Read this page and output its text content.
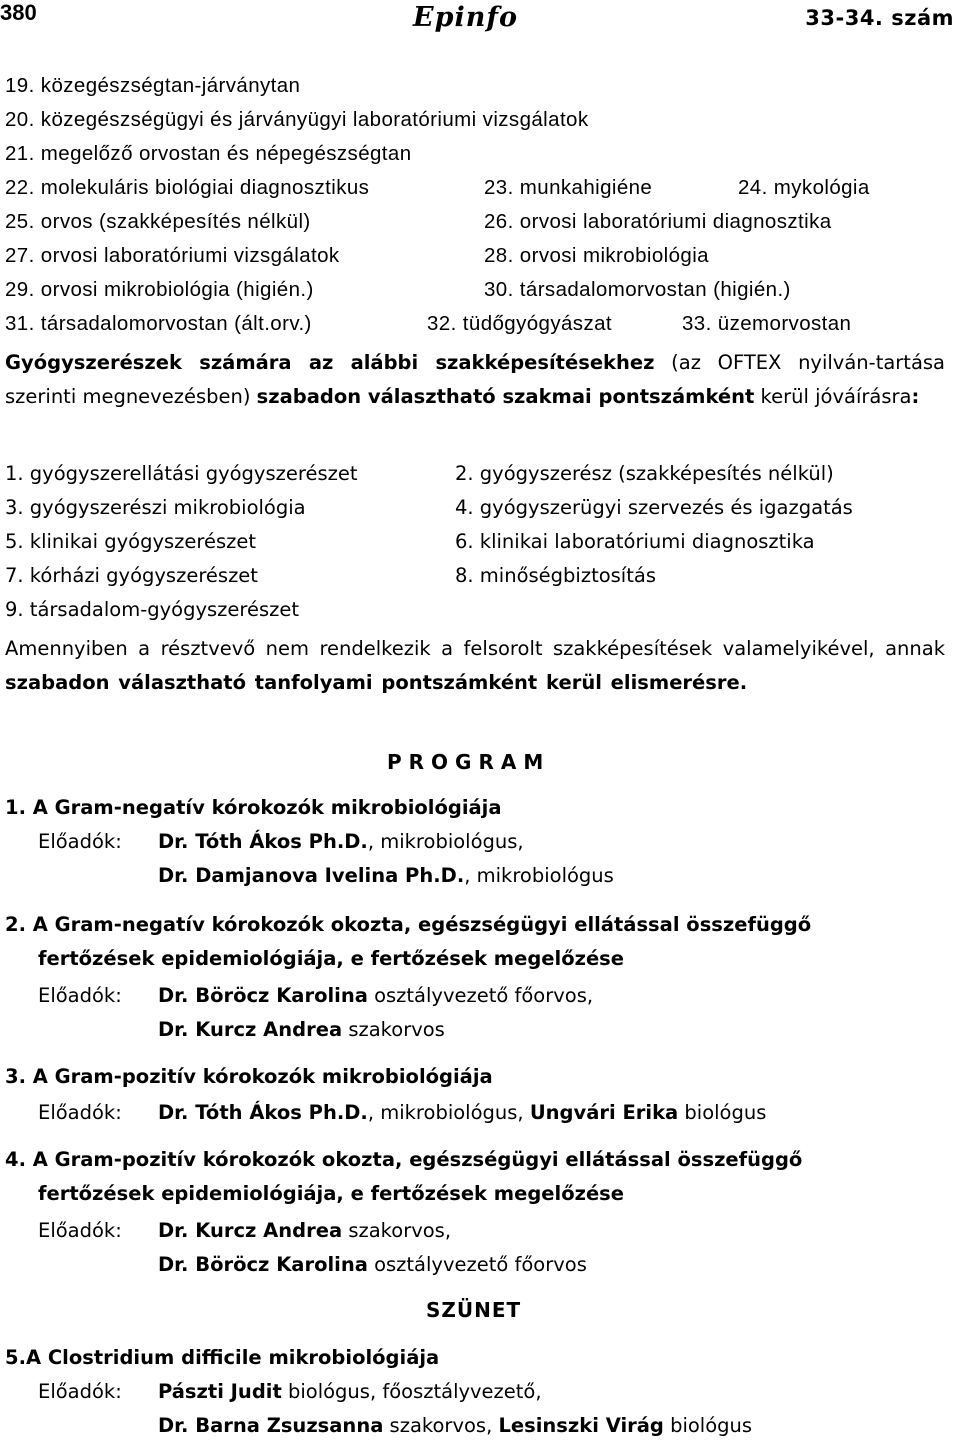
380	Epinfo	33-34. szám
19. közegészségtan-járványtan
20. közegészségügyi és járványügyi laboratóriumi vizsgálatok
21. megelőző orvostan és népegészségtan
22. molekuláris biológiai diagnosztikus	23. munkahigiéne	24. mykológia
25. orvos (szakképesítés nélkül)	26. orvosi laboratóriumi diagnosztika
27. orvosi laboratóriumi vizsgálatok	28. orvosi mikrobiológia
29. orvosi mikrobiológia (higién.)	30. társadalomorvostan (higién.)
31. társadalomorvostan (ált.orv.)	32. tüdőgyógyászat	33. üzemorvostan
Gyógyszerészek számára az alábbi szakképesítésekhez (az OFTEX nyilván-tartása szerinti megnevezésben) szabadon választható szakmai pontszámként kerül jóváírásra:
1. gyógyszerellátási gyógyszerészet	2. gyógyszerész (szakképesítés nélkül)
3. gyógyszerészi mikrobiológia	4. gyógyszerügyi szervezés és igazgatás
5. klinikai gyógyszerészet	6. klinikai laboratóriumi diagnosztika
7. kórházi gyógyszerészet	8. minőségbiztosítás
9. társadalom-gyógyszerészet
Amennyiben a résztvevő nem rendelkezik a felsorolt szakképesítések valamelyikével, annak szabadon választható tanfolyami pontszámként kerül elismerésre.
PROGRAM
1. A Gram-negatív kórokozók mikrobiológiája
Előadók: Dr. Tóth Ákos Ph.D., mikrobiológus,
Dr. Damjanova Ivelina Ph.D., mikrobiológus
2. A Gram-negatív kórokozók okozta, egészségügyi ellátással összefüggő
fertőzések epidemiológiája, e fertőzések megelőzése
Előadók: Dr. Böröcz Karolina osztályvezető főorvos,
Dr. Kurcz Andrea szakorvos
3. A Gram-pozitív kórokozók mikrobiológiája
Előadók: Dr. Tóth Ákos Ph.D., mikrobiológus, Ungvári Erika biológus
4. A Gram-pozitív kórokozók okozta, egészségügyi ellátással összefüggő
fertőzések epidemiológiája, e fertőzések megelőzése
Előadók: Dr. Kurcz Andrea szakorvos,
Dr. Böröcz Karolina osztályvezető főorvos
SZÜNET
5.A Clostridium difficile mikrobiológiája
Előadók: Pászti Judit biológus, főosztályvezető,
Dr. Barna Zsuzsanna szakorvos, Lesinszki Virág biológus
